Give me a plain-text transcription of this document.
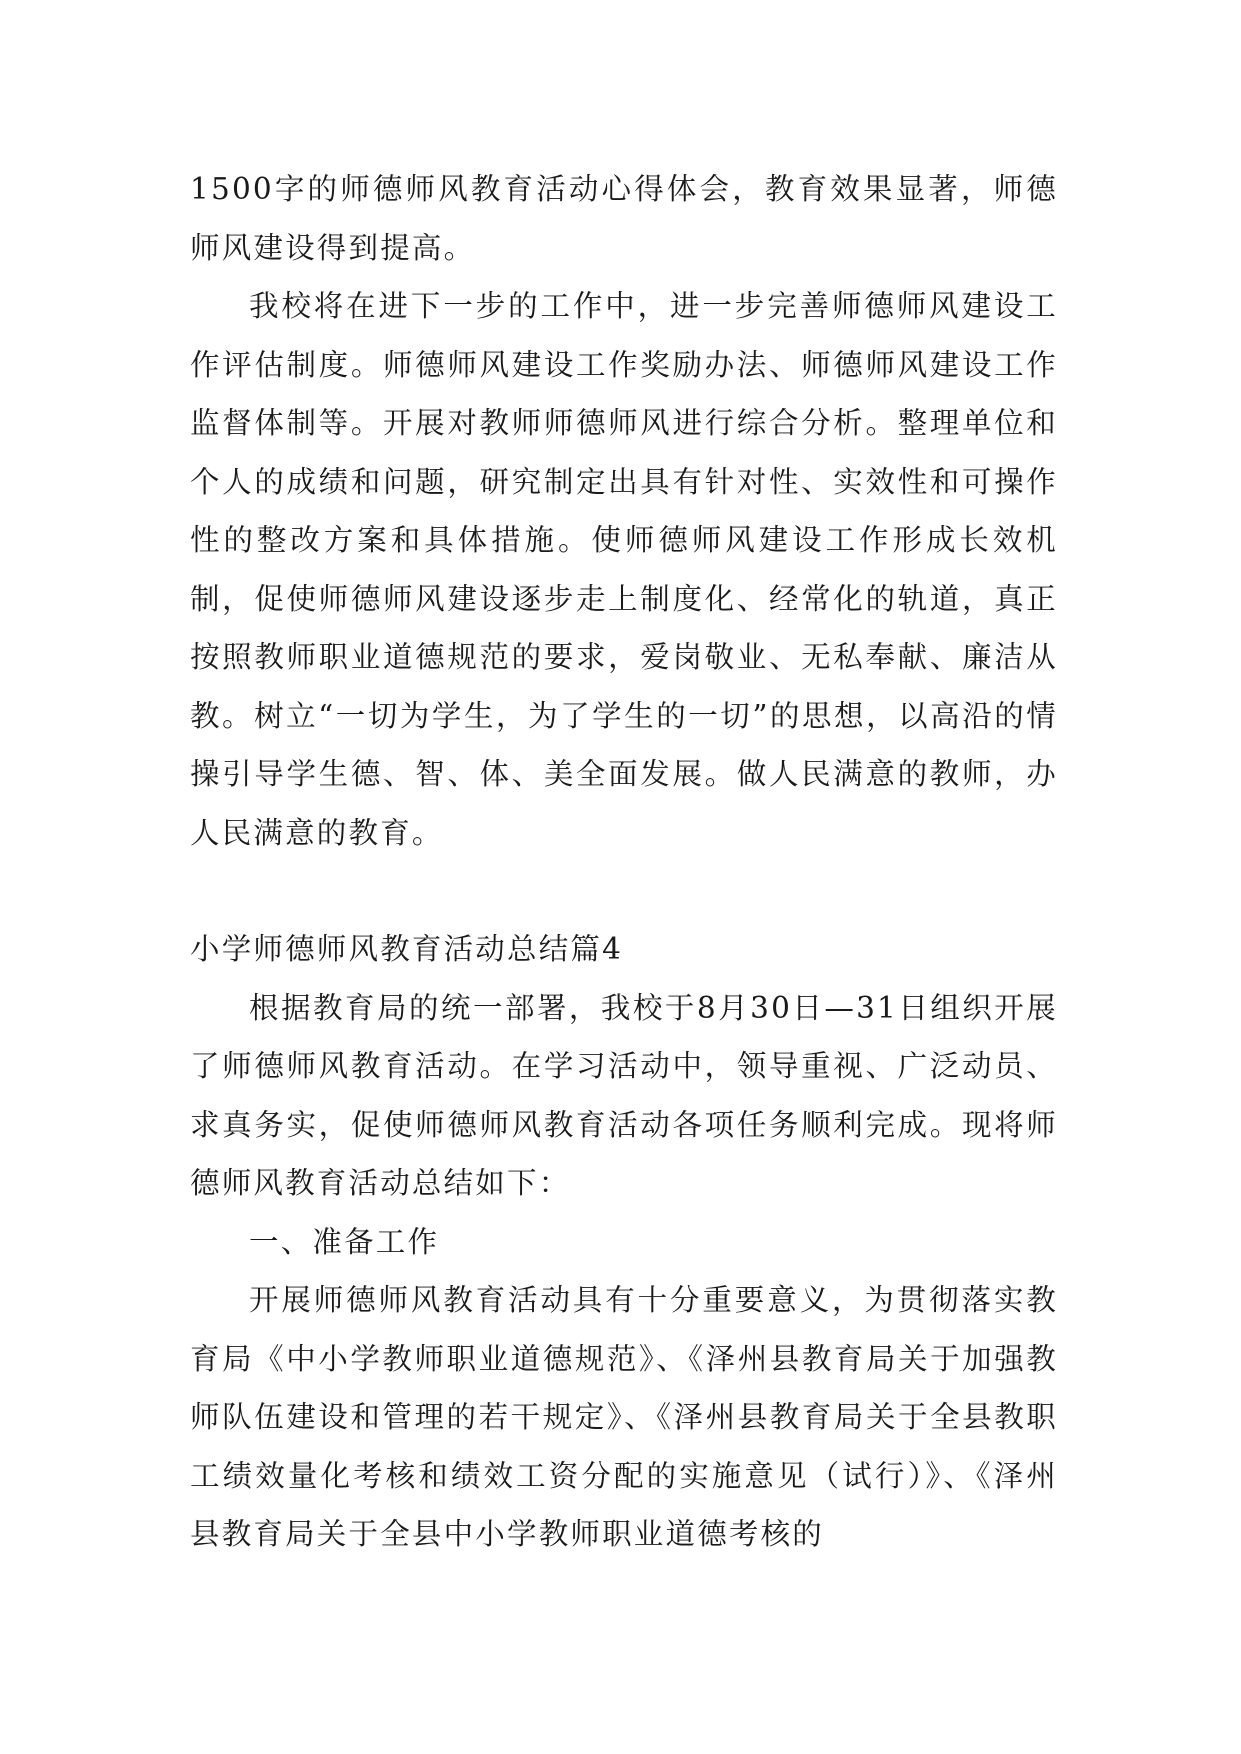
1500字的师德师风教育活动心得体会，教育效果显著，师德师风建设得到提高。

我校将在进下一步的工作中，进一步完善师德师风建设工作评估制度。师德师风建设工作奖励办法、师德师风建设工作监督体制等。开展对教师师德师风进行综合分析。整理单位和个人的成绩和问题，研究制定出具有针对性、实效性和可操作性的整改方案和具体措施。使师德师风建设工作形成长效机制，促使师德师风建设逐步走上制度化、经常化的轨道，真正按照教师职业道德规范的要求，爱岗敬业、无私奉献、廉洁从教。树立“一切为学生，为了学生的一切”的思想，以高沿的情操引导学生德、智、体、美全面发展。做人民满意的教师，办人民满意的教育。

小学师德师风教育活动总结篇4

根据教育局的统一部署，我校于8月30日—31日组织开展了师德师风教育活动。在学习活动中，领导重视、广泛动员、求真务实，促使师德师风教育活动各项任务顺利完成。现将师德师风教育活动总结如下：

一、准备工作

开展师德师风教育活动具有十分重要意义，为贯彻落实教育局《中小学教师职业道德规范》、《泽州县教育局关于加强教师队伍建设和管理的若干规定》、《泽州县教育局关于全县教职工绩效量化考核和绩效工资分配的实施意见（试行）》、《泽州县教育局关于全县中小学教师职业道德考核的
